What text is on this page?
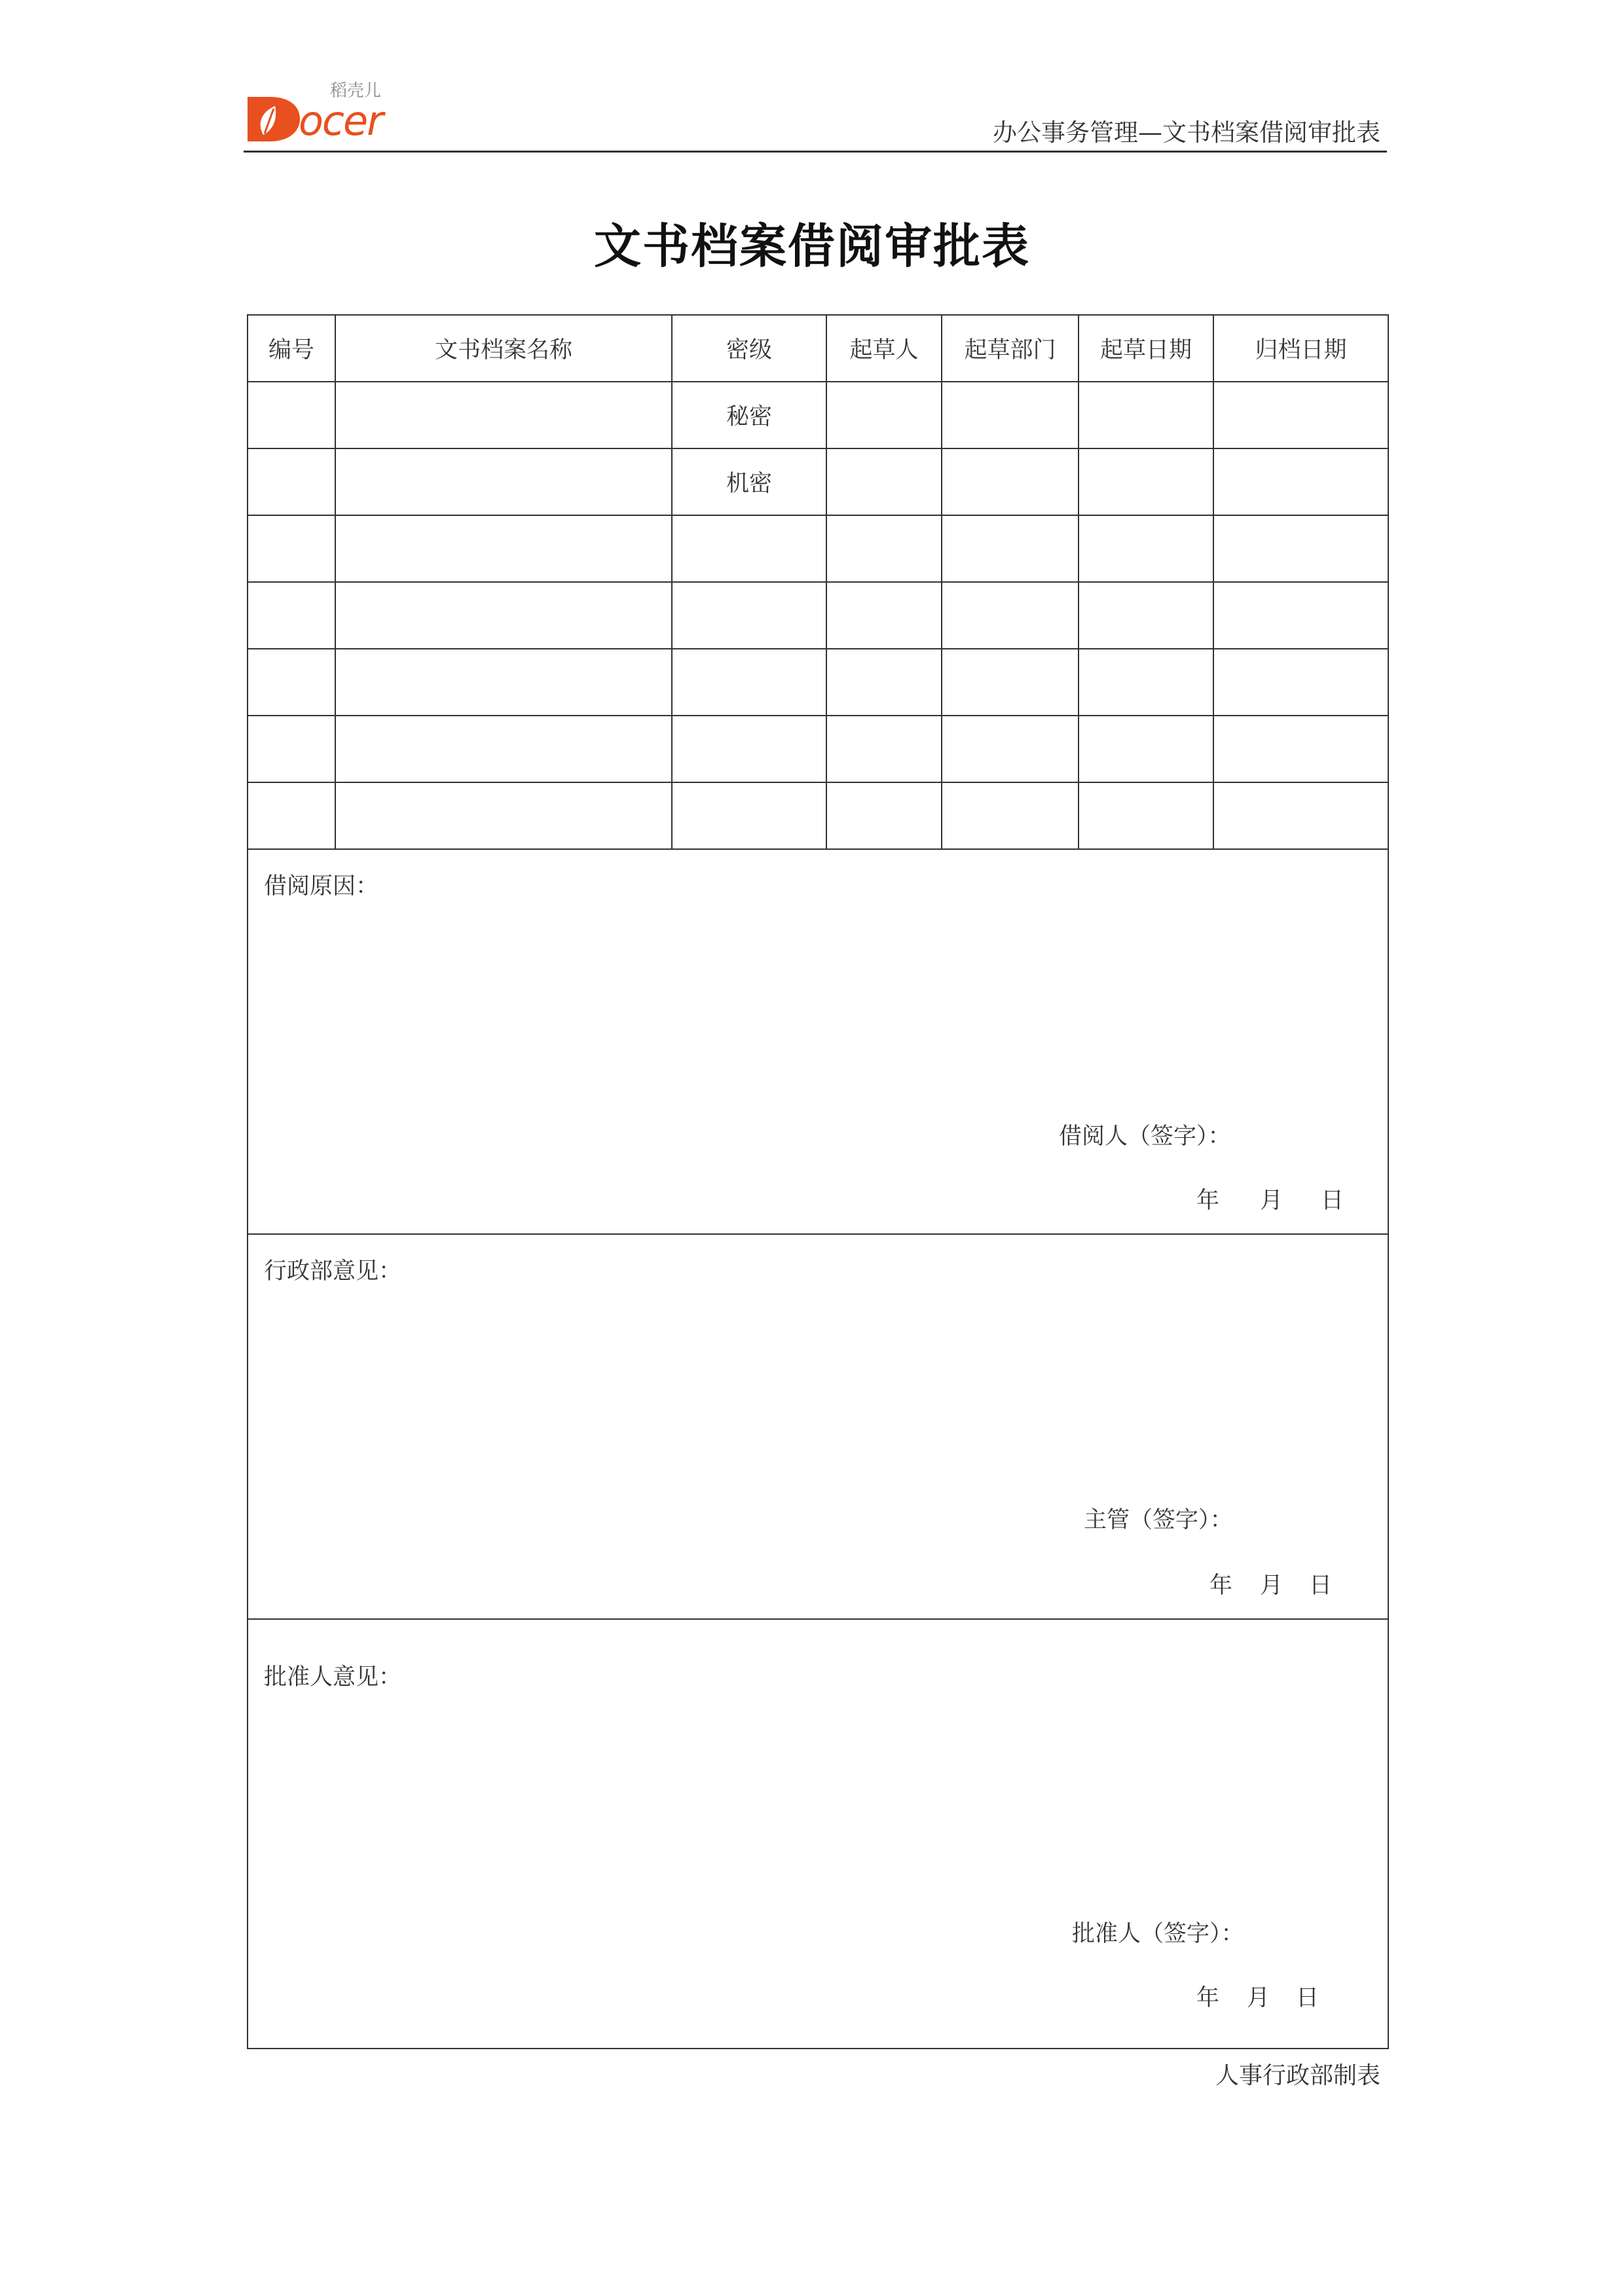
ocer
稻壳儿
办公事务管理—文书档案借阅审批表
文书档案借阅审批表
编号	文书档案名称	密级	起草人	起草部门	起草日期	归档日期
		秘密				
		机密				

借阅原因：
借阅人（签字）：
年 月 日						

行政部意见：
主管（签字）：
年 月 日						

批准人意见：
批准人（签字）：
年 月 日						
人事行政部制表
